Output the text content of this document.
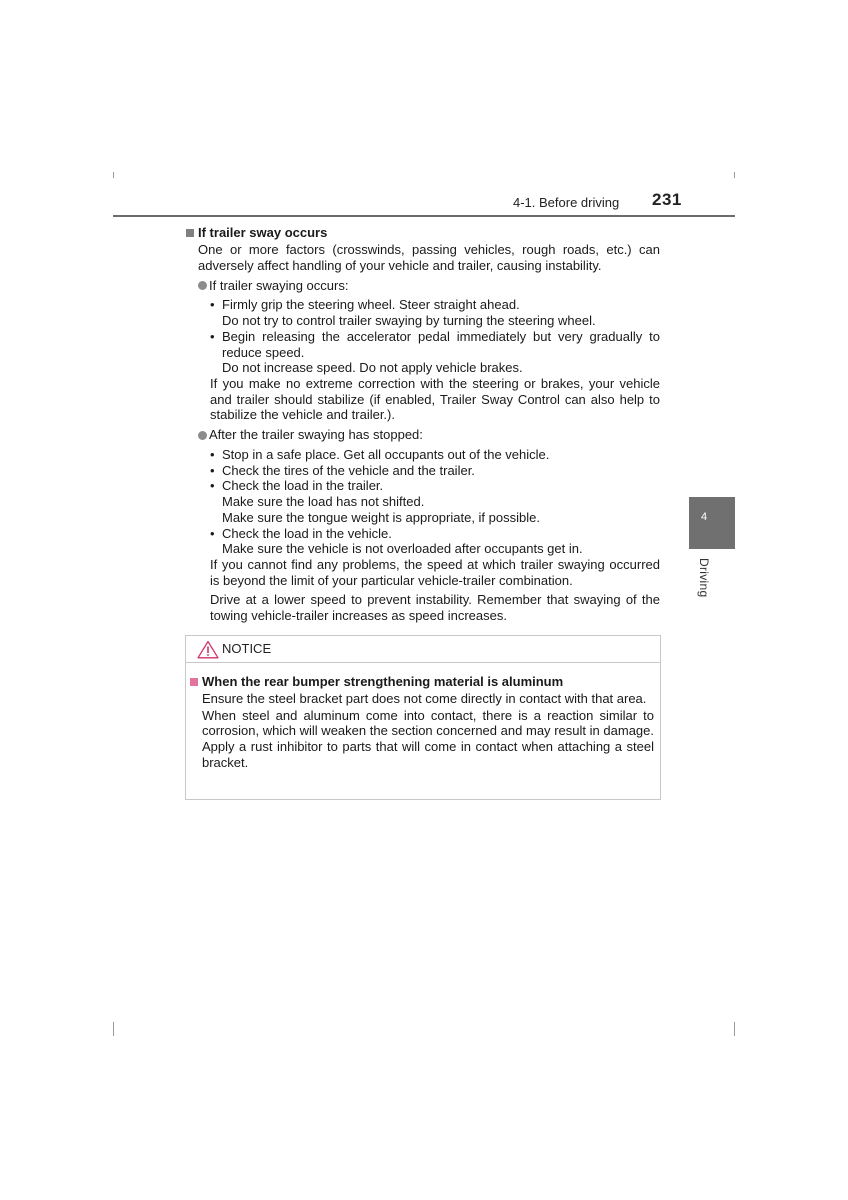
4-1. Before driving 231
4
Driving
If trailer sway occurs
One or more factors (crosswinds, passing vehicles, rough roads, etc.) can adversely affect handling of your vehicle and trailer, causing instability.
If trailer swaying occurs:
• Firmly grip the steering wheel. Steer straight ahead.
Do not try to control trailer swaying by turning the steering wheel.
• Begin releasing the accelerator pedal immediately but very gradually to reduce speed.
Do not increase speed. Do not apply vehicle brakes.
If you make no extreme correction with the steering or brakes, your vehicle and trailer should stabilize (if enabled, Trailer Sway Control can also help to stabilize the vehicle and trailer.).
After the trailer swaying has stopped:
• Stop in a safe place. Get all occupants out of the vehicle.
• Check the tires of the vehicle and the trailer.
• Check the load in the trailer.
Make sure the load has not shifted.
Make sure the tongue weight is appropriate, if possible.
• Check the load in the vehicle.
Make sure the vehicle is not overloaded after occupants get in.
If you cannot find any problems, the speed at which trailer swaying occurred is beyond the limit of your particular vehicle-trailer combination.
Drive at a lower speed to prevent instability. Remember that swaying of the towing vehicle-trailer increases as speed increases.
NOTICE
When the rear bumper strengthening material is aluminum
Ensure the steel bracket part does not come directly in contact with that area.
When steel and aluminum come into contact, there is a reaction similar to corrosion, which will weaken the section concerned and may result in damage. Apply a rust inhibitor to parts that will come in contact when attaching a steel bracket.
